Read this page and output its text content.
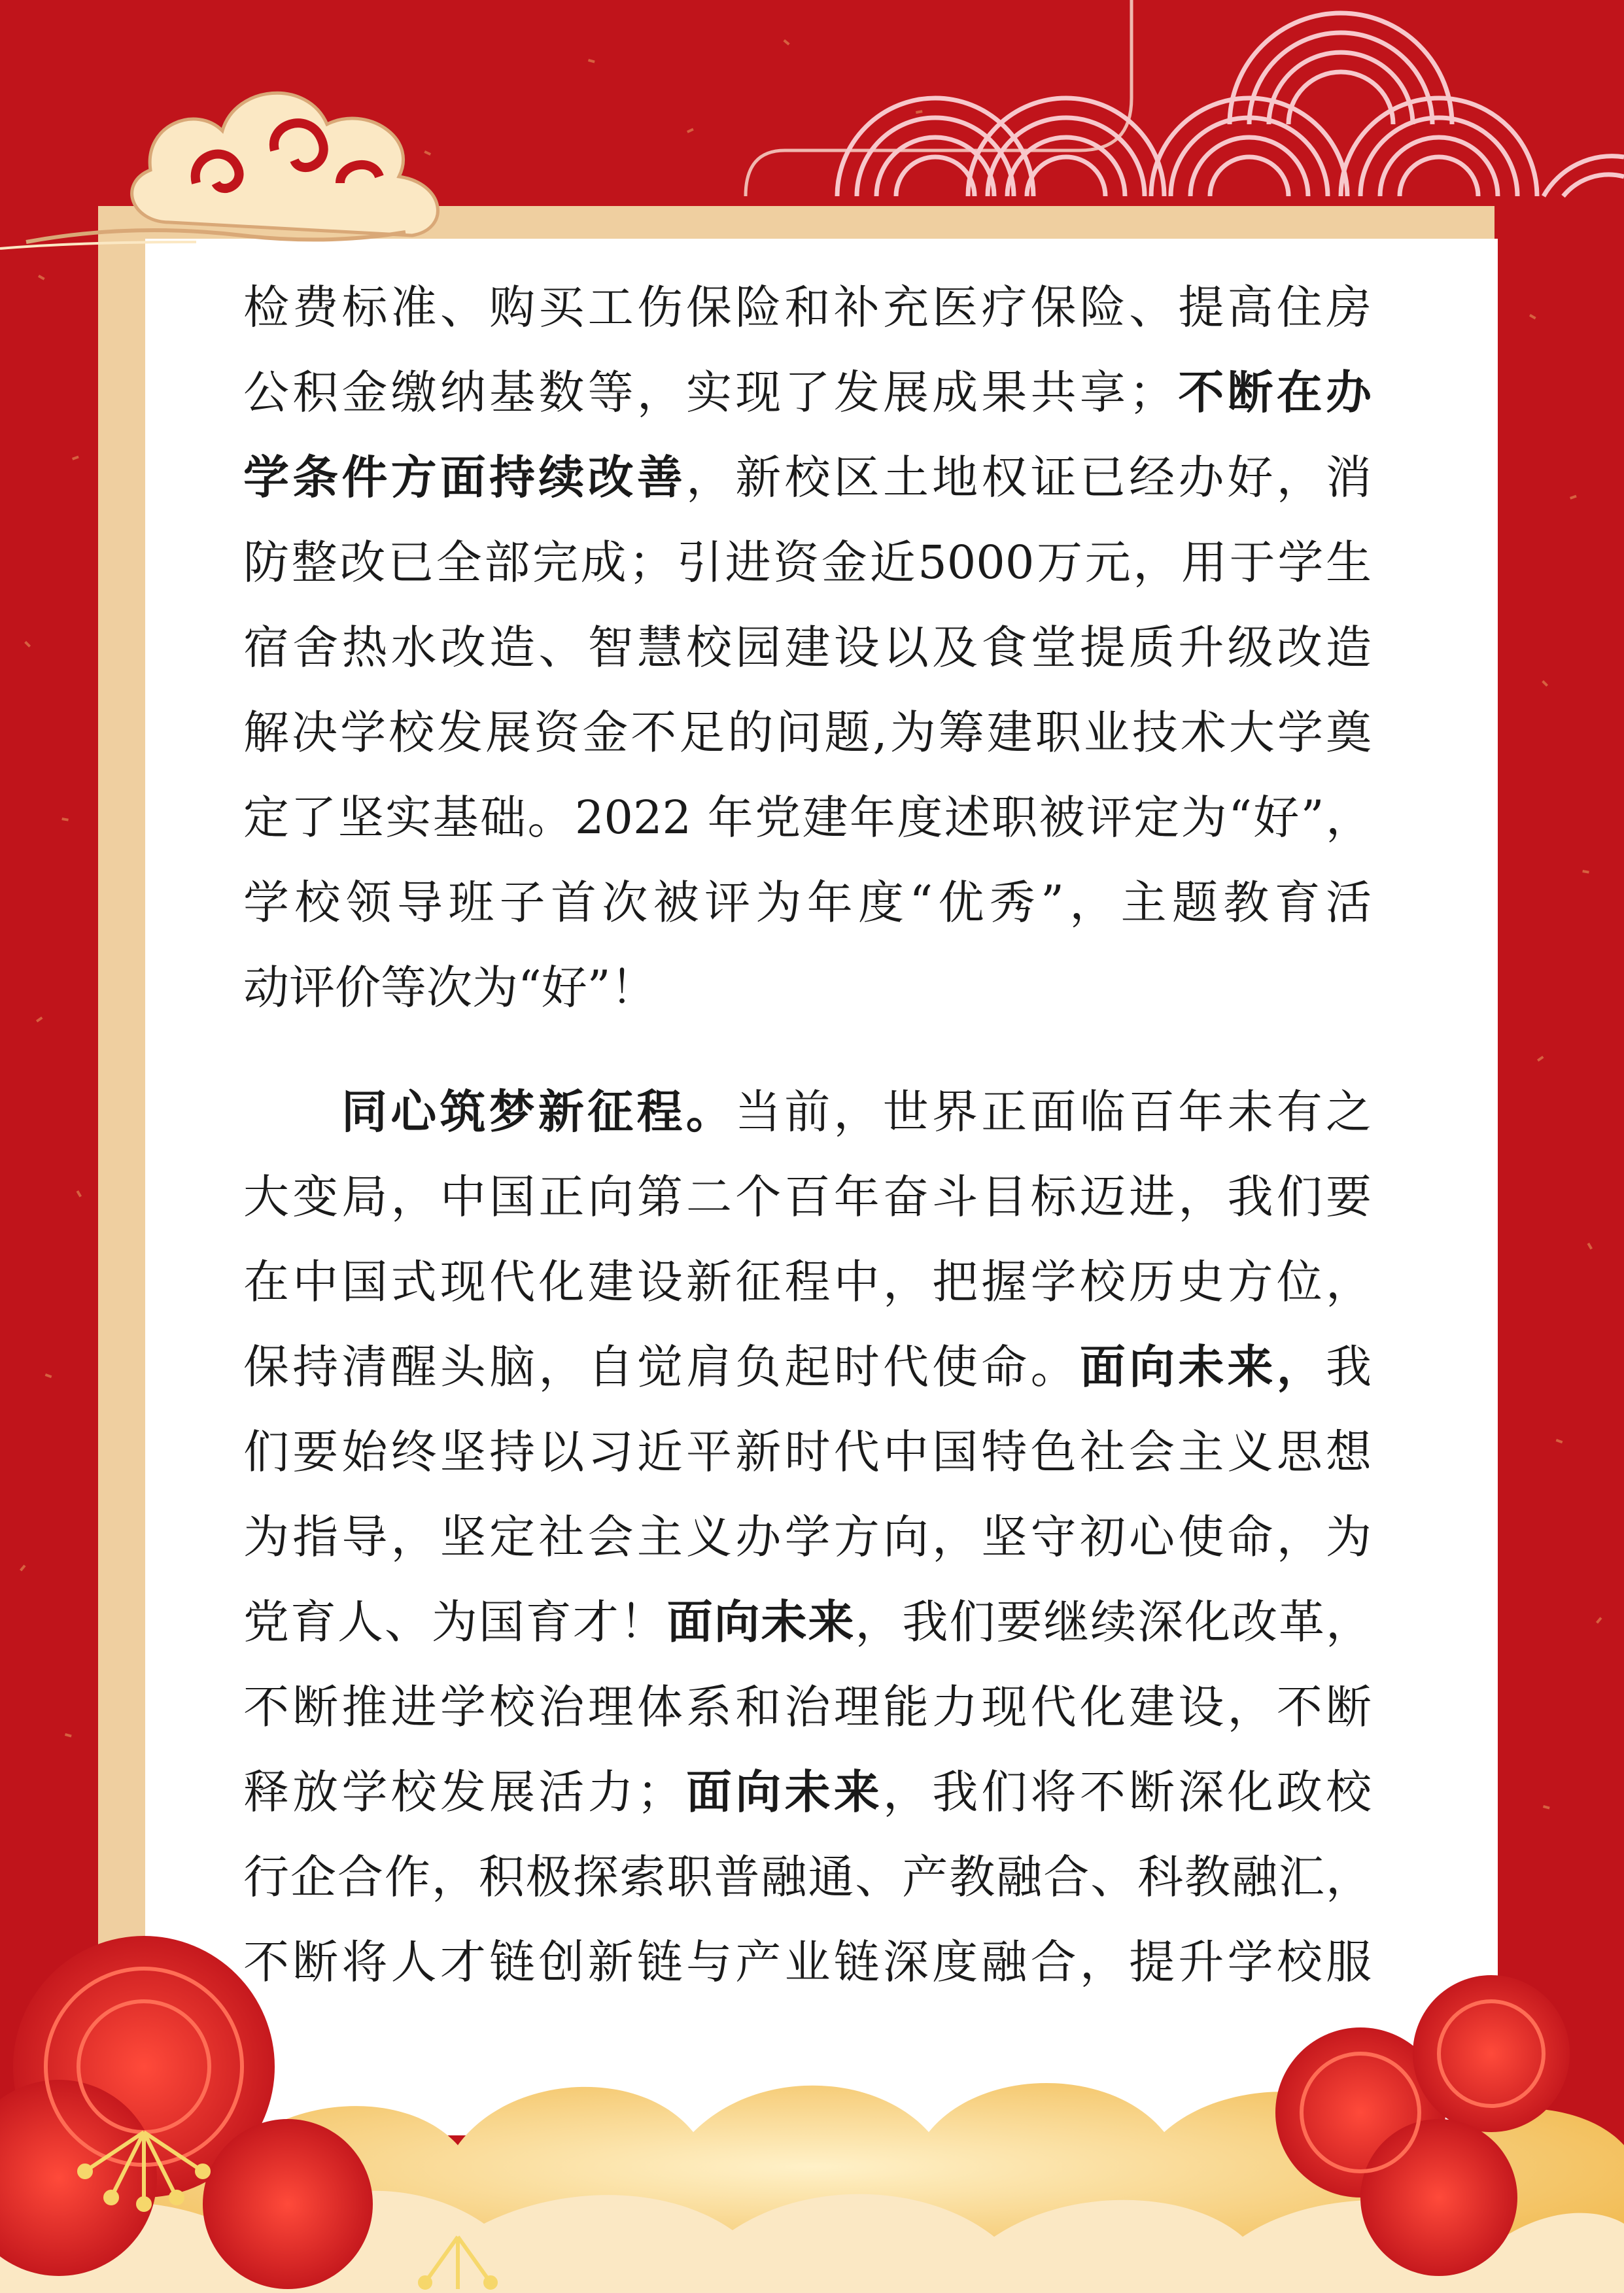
检费标准、购买工伤保险和补充医疗保险、提高住房
公积金缴纳基数等，实现了发展成果共享；不断在办
学条件方面持续改善，新校区土地权证已经办好，消
防整改已全部完成；引进资金近5000万元，用于学生
宿舍热水改造、智慧校园建设以及食堂提质升级改造
解决学校发展资金不足的问题,为筹建职业技术大学奠
定了坚实基础。2022 年党建年度述职被评定为“好”，
学校领导班子首次被评为年度“优秀”，主题教育活
动评价等次为“好”！
同心筑梦新征程。当前，世界正面临百年未有之
大变局，中国正向第二个百年奋斗目标迈进，我们要
在中国式现代化建设新征程中，把握学校历史方位，
保持清醒头脑，自觉肩负起时代使命。面向未来，我
们要始终坚持以习近平新时代中国特色社会主义思想
为指导，坚定社会主义办学方向，坚守初心使命，为
党育人、为国育才！面向未来，我们要继续深化改革，
不断推进学校治理体系和治理能力现代化建设，不断
释放学校发展活力；面向未来，我们将不断深化政校
行企合作，积极探索职普融通、产教融合、科教融汇，
不断将人才链创新链与产业链深度融合，提升学校服
